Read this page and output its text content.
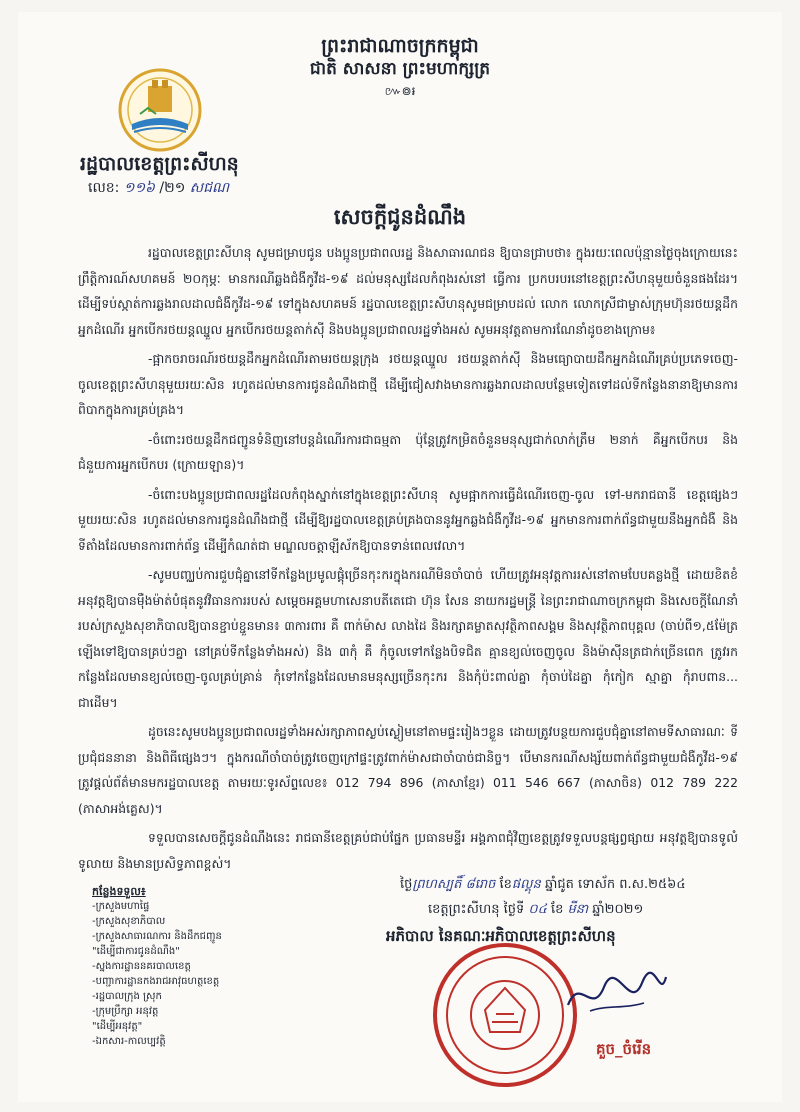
ព្រះរាជាណាចក្រកម្ពុជា
ជាតិ សាសនា ព្រះមហាក្សត្រ
៚៙៛
រដ្ឋបាលខេត្តព្រះសីហនុ
លេខ: ១១៦ /២១ សជណ
សេចក្តីជូនដំណឹង

រដ្ឋបាលខេត្តព្រះសីហនុ សូមជម្រាបជូន បងប្អូនប្រជាពលរដ្ឋ និងសាធារណជន ឱ្យបានជ្រាបថា៖ ក្នុងរយៈពេលប៉ុន្មានថ្ងៃចុងក្រោយនេះ ព្រឹត្តិការណ៍សហគមន៍ ២០កុម្ភៈ មានករណីឆ្លងជំងឺកូវីដ-១៩ ដល់មនុស្សដែលកំពុងរស់នៅ ធ្វើការ ប្រកបរបរនៅខេត្តព្រះសីហនុមួយចំនួនផងដែរ។ ដើម្បីទប់ស្កាត់ការឆ្លងរាលដាលជំងឺកូវីដ-១៩ ទៅក្នុងសហគមន៍ រដ្ឋបាលខេត្តព្រះសីហនុសូមជម្រាបដល់ លោក លោកស្រីជាម្ចាស់ក្រុមហ៊ុនរថយន្តដឹកអ្នកដំណើរ អ្នកបើករថយន្តឈ្នួល អ្នកបើករថយន្តតាក់ស៊ី និងបងប្អូនប្រជាពលរដ្ឋទាំងអស់ សូមអនុវត្តតាមការណែនាំដូចខាងក្រោម៖

-ផ្អាកចរាចរណ៍រថយន្តដឹកអ្នកដំណើរតាមរថយន្តក្រុង រថយន្តឈ្នួល រថយន្តតាក់ស៊ី និងមធ្យោបាយដឹកអ្នកដំណើរគ្រប់ប្រភេទចេញ-ចូលខេត្តព្រះសីហនុមួយរយៈសិន រហូតដល់មានការជូនដំណឹងជាថ្មី ដើម្បីជៀសវាងមានការឆ្លងរាលដាលបន្ថែមទៀតទៅដល់ទីកន្លែងនានាឱ្យមានការពិបាកក្នុងការគ្រប់គ្រង។

-ចំពោះរថយន្តដឹកជញ្ជូនទំនិញនៅបន្តដំណើរការជាធម្មតា ប៉ុន្តែត្រូវកម្រិតចំនួនមនុស្សជាក់លាក់ត្រឹម ២នាក់ គឺអ្នកបើកបរ និងជំនួយការអ្នកបើកបរ (ក្រោយឡាន)។

-ចំពោះបងប្អូនប្រជាពលរដ្ឋដែលកំពុងស្នាក់នៅក្នុងខេត្តព្រះសីហនុ សូមផ្អាកការធ្វើដំណើរចេញ-ចូល ទៅ-មករាជធានី ខេត្តផ្សេងៗមួយរយៈសិន រហូតដល់មានការជូនដំណឹងជាថ្មី ដើម្បីឱ្យរដ្ឋបាលខេត្តគ្រប់គ្រងបាននូវអ្នកឆ្លងជំងឺកូវីដ-១៩ អ្នកមានការពាក់ព័ន្ធជាមួយនឹងអ្នកជំងឺ និងទីតាំងដែលមានការពាក់ព័ន្ធ ដើម្បីកំណត់ជា មណ្ឌលចត្តាឡីស័កឱ្យបានទាន់ពេលវេលា។

-សូមបញ្ឈប់ការជួបជុំគ្នានៅទីកន្លែងប្រមូលផ្តុំច្រើនកុះករក្នុងករណីមិនចាំបាច់ ហើយត្រូវអនុវត្តការរស់នៅតាមបែបគន្លងថ្មី ដោយខិតខំអនុវត្តឱ្យបានម៉ឺងម៉ាត់បំផុតនូវវិធានការរបស់ សម្តេចអគ្គមហាសេនាបតីតេជោ ហ៊ុន សែន នាយករដ្ឋមន្ត្រី នៃព្រះរាជាណាចក្រកម្ពុជា និងសេចក្តីណែនាំរបស់ក្រសួងសុខាភិបាលឱ្យបានខ្ជាប់ខ្ជួនមាន៖ ៣ការពារ គឺ ពាក់ម៉ាស លាងដៃ និងរក្សាគម្លាតសុវត្ថិភាពសង្គម និងសុវត្ថិភាពបុគ្គល (ចាប់ពី១,៥ម៉ែត្រឡើងទៅឱ្យបានគ្រប់ៗគ្នា នៅគ្រប់ទីកន្លែងទាំងអស់) និង ៣កុំ គឺ កុំចូលទៅកន្លែងបិទជិត គ្មានខ្យល់ចេញចូល និងម៉ាស៊ីនត្រជាក់ច្រើនពេក ត្រូវរកកន្លែងដែលមានខ្យល់ចេញ-ចូលគ្រប់គ្រាន់ កុំទៅកន្លែងដែលមានមនុស្សច្រើនកុះករ និងកុំប៉ះពាល់គ្នា កុំចាប់ដៃគ្នា កុំកៀក ស្មាគ្នា កុំរាបពាន... ជាដើម។

ដូចនេះសូមបងប្អូនប្រជាពលរដ្ឋទាំងអស់រក្សាភាពស្ងប់ស្ងៀមនៅតាមផ្ទះរៀងៗខ្លួន ដោយត្រូវបន្ថយការជួបជុំគ្នានៅតាមទីសាធារណៈ ទីប្រជុំជននានា និងពិធីផ្សេងៗ។ ក្នុងករណីចាំបាច់ត្រូវចេញក្រៅផ្ទះត្រូវពាក់ម៉ាសជាចាំបាច់ជានិច្ច។ បើមានករណីសង្ស័យពាក់ព័ន្ធជាមួយជំងឺកូវីដ-១៩ ត្រូវផ្តល់ព័ត៌មានមករដ្ឋបាលខេត្ត តាមរយៈទូរស័ព្ទលេខ៖ 012 794 896 (ភាសាខ្មែរ) 011 546 667 (ភាសាចិន) 012 789 222 (ភាសាអង់គ្លេស)។

ទទួលបានសេចក្តីជូនដំណឹងនេះ រាជធានីខេត្តគ្រប់ជាប់ផ្នែក ប្រធានមន្ទីរ អង្គភាពជុំវិញខេត្តត្រូវទទួលបន្តផ្សព្វផ្សាយ អនុវត្តឱ្យបានទូលំទូលាយ និងមានប្រសិទ្ធភាពខ្ពស់។

កន្លែងទទួល៖
-ក្រសួងមហាផ្ទៃ
-ក្រសួងសុខាភិបាល
-ក្រសួងសាធារណការ និងដឹកជញ្ជូន
"ដើម្បីជាការជូនដំណឹង"
-ស្នងការដ្ឋាននគរបាលខេត្ត
-បញ្ជាការដ្ឋានកងរាជអាវុធហត្ថខេត្ត
-រដ្ឋបាលក្រុង ស្រុក
-ក្រុមប្រឹក្សា អនុវត្ត
"ដើម្បីអនុវត្ត"
-ឯកសារ-កាលប្បវត្តិ
ថ្ងៃព្រហស្បតិ៍ ៨រោច ខែផល្គុន ឆ្នាំជូត ទោស័ក ព.ស.២៥៦៤
ខេត្តព្រះសីហនុ ថ្ងៃទី ០៤ ខែ មីនា ឆ្នាំ២០២១
អភិបាល នៃគណៈអភិបាលខេត្តព្រះសីហនុ
គួច_ចំរើន
